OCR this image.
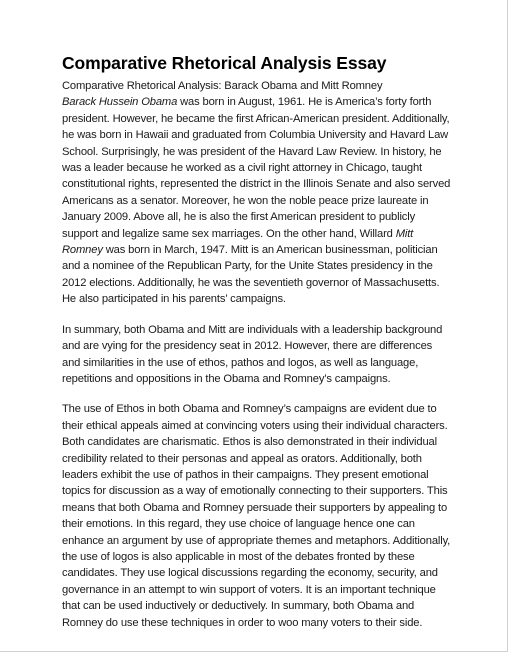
Comparative Rhetorical Analysis Essay

Comparative Rhetorical Analysis: Barack Obama and Mitt Romney

Barack Hussein Obama was born in August, 1961. He is America’s forty forth president. However, he became the first African-American president. Additionally, he was born in Hawaii and graduated from Columbia University and Havard Law School. Surprisingly, he was president of the Havard Law Review. In history, he was a leader because he worked as a civil right attorney in Chicago, taught constitutional rights, represented the district in the Illinois Senate and also served Americans as a senator. Moreover, he won the noble peace prize laureate in January 2009. Above all, he is also the first American president to publicly support and legalize same sex marriages. On the other hand, Willard Mitt Romney was born in March, 1947. Mitt is an American businessman, politician and a nominee of the Republican Party, for the Unite States presidency in the 2012 elections. Additionally, he was the seventieth governor of Massachusetts. He also participated in his parents’ campaigns.

In summary, both Obama and Mitt are individuals with a leadership background and are vying for the presidency seat in 2012. However, there are differences and similarities in the use of ethos, pathos and logos, as well as language, repetitions and oppositions in the Obama and Romney’s campaigns.

The use of Ethos in both Obama and Romney’s campaigns are evident due to their ethical appeals aimed at convincing voters using their individual characters. Both candidates are charismatic. Ethos is also demonstrated in their individual credibility related to their personas and appeal as orators. Additionally, both leaders exhibit the use of pathos in their campaigns. They present emotional topics for discussion as a way of emotionally connecting to their supporters. This means that both Obama and Romney persuade their supporters by appealing to their emotions. In this regard, they use choice of language hence one can enhance an argument by use of appropriate themes and metaphors. Additionally, the use of logos is also applicable in most of the debates fronted by these candidates. They use logical discussions regarding the economy, security, and governance in an attempt to win support of voters. It is an important technique that can be used inductively or deductively. In summary, both Obama and Romney do use these techniques in order to woo many voters to their side.
